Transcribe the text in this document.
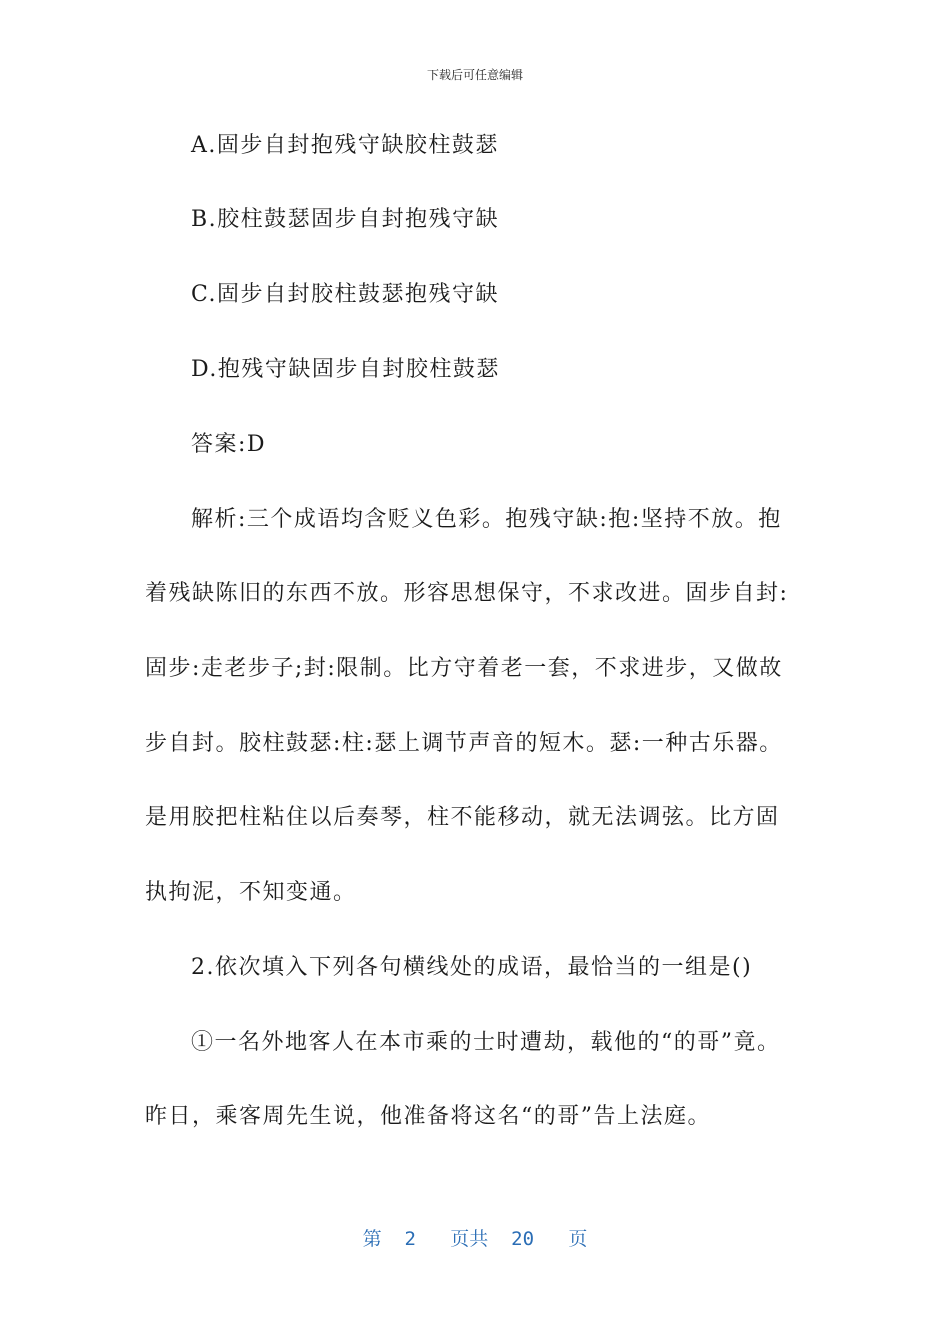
下载后可任意编辑
A.固步自封抱残守缺胶柱鼓瑟
B.胶柱鼓瑟固步自封抱残守缺
C.固步自封胶柱鼓瑟抱残守缺
D.抱残守缺固步自封胶柱鼓瑟
答案:D
解析:三个成语均含贬义色彩。抱残守缺:抱:坚持不放。抱
着残缺陈旧的东西不放。形容思想保守，不求改进。固步自封:
固步:走老步子;封:限制。比方守着老一套，不求进步，又做故
步自封。胶柱鼓瑟:柱:瑟上调节声音的短木。瑟:一种古乐器。
是用胶把柱粘住以后奏琴，柱不能移动，就无法调弦。比方固
执拘泥，不知变通。
2.依次填入下列各句横线处的成语，最恰当的一组是()
①一名外地客人在本市乘的士时遭劫，载他的“的哥”竟。
昨日，乘客周先生说，他准备将这名“的哥”告上法庭。
第  2   页共  20   页
